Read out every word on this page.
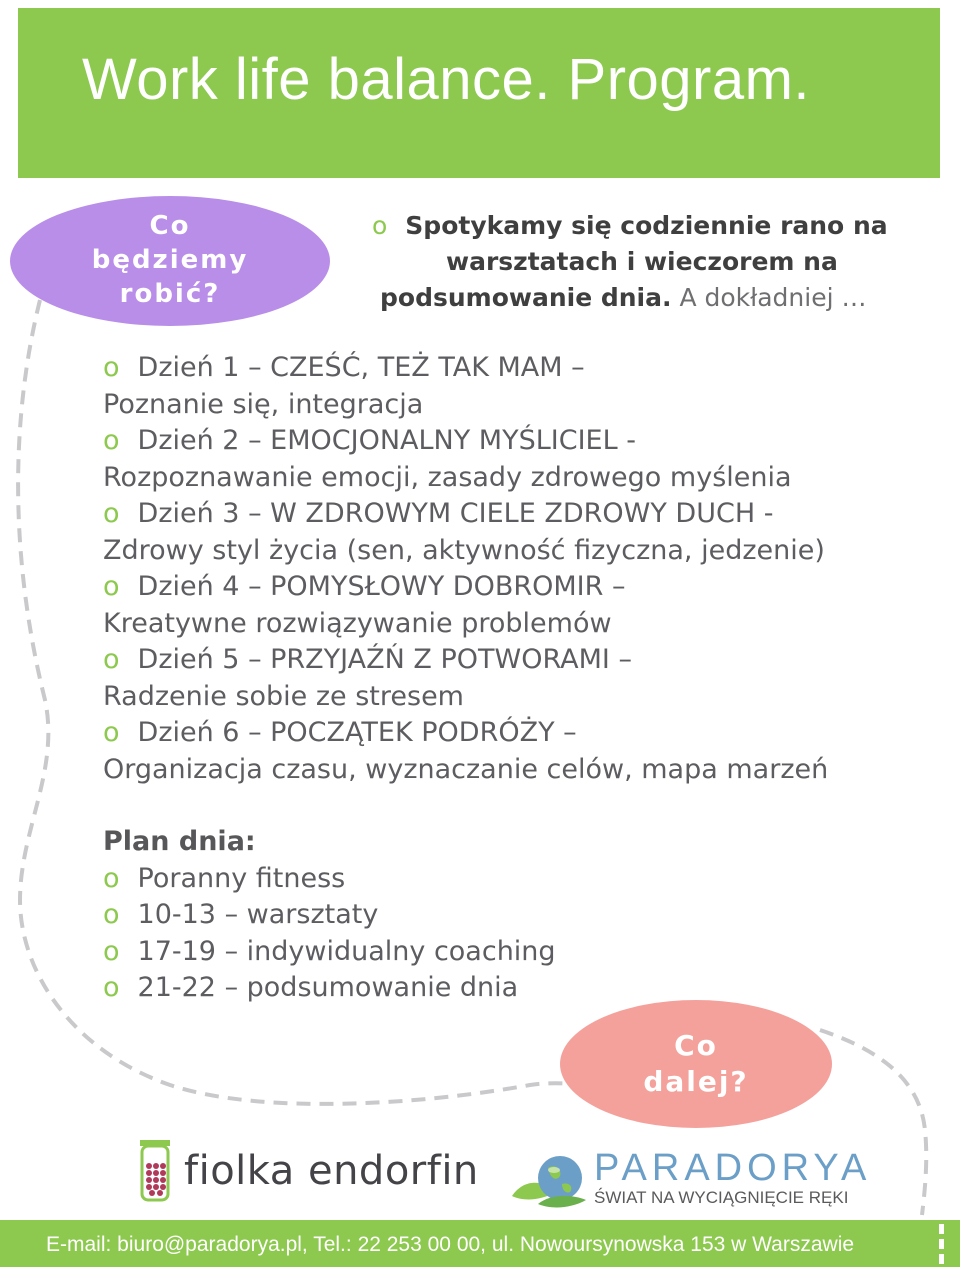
Work life balance. Program.
Co
będziemy
robić?
o Spotykamy się codziennie rano na
warsztatach i wieczorem na
podsumowanie dnia. A dokładniej …
o Dzień 1 – CZEŚĆ, TEŻ TAK MAM –
Poznanie się, integracja
o Dzień 2 – EMOCJONALNY MYŚLICIEL -
Rozpoznawanie emocji, zasady zdrowego myślenia
o Dzień 3 – W ZDROWYM CIELE ZDROWY DUCH -
Zdrowy styl życia (sen, aktywność fizyczna, jedzenie)
o Dzień 4 – POMYSŁOWY DOBROMIR –
Kreatywne rozwiązywanie problemów
o Dzień 5 – PRZYJAŹŃ Z POTWORAMI –
Radzenie sobie ze stresem
o Dzień 6 – POCZĄTEK PODRÓŻY –
Organizacja czasu, wyznaczanie celów, mapa marzeń
Plan dnia:
o Poranny fitness
o 10-13 – warsztaty
o 17-19 – indywidualny coaching
o 21-22 – podsumowanie dnia
Co
dalej?
fiolka endorfin	PARADORYA
ŚWIAT NA WYCIĄGNIĘCIE RĘKI
E-mail: biuro@paradorya.pl, Tel.: 22 253 00 00, ul. Nowoursynowska 153 w Warszawie
